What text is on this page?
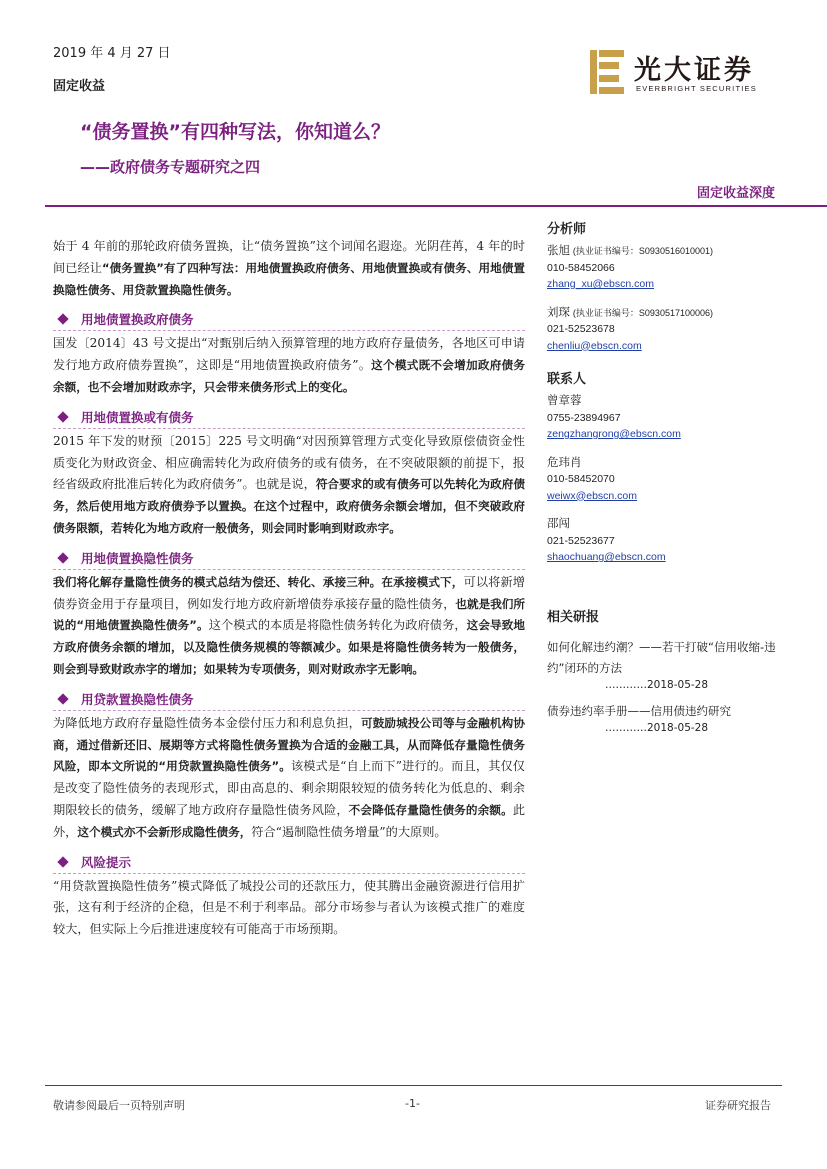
2019 年 4 月 27 日
固定收益
光大证券
EVERBRIGHT SECURITIES
“债务置换”有四种写法，你知道么？
——政府债务专题研究之四
固定收益深度

始于 4 年前的那轮政府债务置换，让“债务置换”这个词闻名遐迩。光阴荏苒，4 年的时间已经让“债务置换”有了四种写法：用地债置换政府债务、用地债置换或有债务、用地债置换隐性债务、用贷款置换隐性债务。

用地债置换政府债务

国发〔2014〕43 号文提出“对甄别后纳入预算管理的地方政府存量债务，各地区可申请发行地方政府债券置换”，这即是“用地债置换政府债务”。这个模式既不会增加政府债务余额，也不会增加财政赤字，只会带来债务形式上的变化。

用地债置换或有债务

2015 年下发的财预〔2015〕225 号文明确“对因预算管理方式变化导致原偿债资金性质变化为财政资金、相应确需转化为政府债务的或有债务，在不突破限额的前提下，报经省级政府批准后转化为政府债务”。也就是说，符合要求的或有债务可以先转化为政府债务，然后使用地方政府债券予以置换。在这个过程中，政府债务余额会增加，但不突破政府债务限额，若转化为地方政府一般债务，则会同时影响到财政赤字。

用地债置换隐性债务

我们将化解存量隐性债务的模式总结为偿还、转化、承接三种。在承接模式下，可以将新增债券资金用于存量项目，例如发行地方政府新增债券承接存量的隐性债务，也就是我们所说的“用地债置换隐性债务”。这个模式的本质是将隐性债务转化为政府债务，这会导致地方政府债务余额的增加，以及隐性债务规模的等额减少。如果是将隐性债务转为一般债务，则会到导致财政赤字的增加；如果转为专项债务，则对财政赤字无影响。

用贷款置换隐性债务

为降低地方政府存量隐性债务本金偿付压力和利息负担，可鼓励城投公司等与金融机构协商，通过借新还旧、展期等方式将隐性债务置换为合适的金融工具，从而降低存量隐性债务风险，即本文所说的“用贷款置换隐性债务”。该模式是“自上而下”进行的。而且，其仅仅是改变了隐性债务的表现形式，即由高息的、剩余期限较短的债务转化为低息的、剩余期限较长的债务，缓解了地方政府存量隐性债务风险，不会降低存量隐性债务的余额。此外，这个模式亦不会新形成隐性债务，符合“遏制隐性债务增量”的大原则。

风险提示

“用贷款置换隐性债务”模式降低了城投公司的还款压力，使其腾出金融资源进行信用扩张，这有利于经济的企稳，但是不利于利率品。部分市场参与者认为该模式推广的难度较大，但实际上今后推进速度较有可能高于市场预期。

分析师
张旭 (执业证书编号：S0930516010001)
010-58452066
zhang_xu@ebscn.com
刘琛 (执业证书编号：S0930517100006)
021-52523678
chenliu@ebscn.com
联系人
曾章蓉
0755-23894967
zengzhangrong@ebscn.com
危玮肖
010-58452070
weiwx@ebscn.com
邵闯
021-52523677
shaochuang@ebscn.com
相关研报
如何化解违约潮？——若干打破“信用收缩-违约”闭环的方法
…………2018-05-28
债券违约率手册——信用债违约研究
…………2018-05-28
敬请参阅最后一页特别声明	-1-	证券研究报告
